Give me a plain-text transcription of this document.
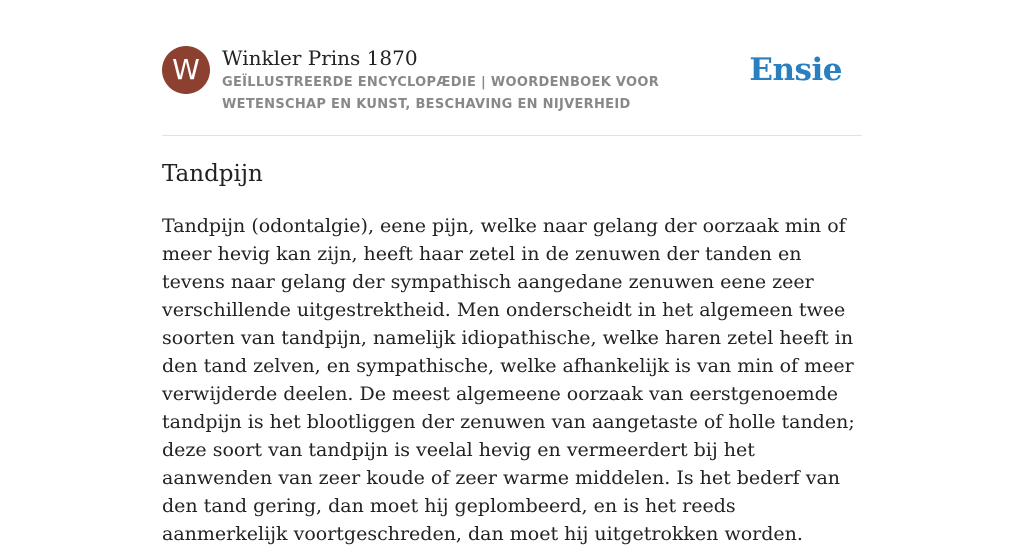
W	Winkler Prins 1870
GEÏLLUSTREERDE ENCYCLOPÆDIE | WOORDENBOEK VOOR WETENSCHAP EN KUNST, BESCHAVING EN NIJVERHEID
Ensie
Tandpijn

Tandpijn (odontalgie), eene pijn, welke naar gelang der oorzaak min of meer hevig kan zijn, heeft haar zetel in de zenuwen der tanden en tevens naar gelang der sympathisch aangedane zenuwen eene zeer verschillende uitgestrektheid. Men onderscheidt in het algemeen twee soorten van tandpijn, namelijk idiopathische, welke haren zetel heeft in den tand zelven, en sympathische, welke afhankelijk is van min of meer verwijderde deelen. De meest algemeene oorzaak van eerstgenoemde tandpijn is het blootliggen der zenuwen van aangetaste of holle tanden; deze soort van tandpijn is veelal hevig en vermeerdert bij het aanwenden van zeer koude of zeer warme middelen. Is het bederf van den tand gering, dan moet hij geplombeerd, en is het reeds aanmerkelijk voortgeschreden, dan moet hij uitgetrokken worden.
